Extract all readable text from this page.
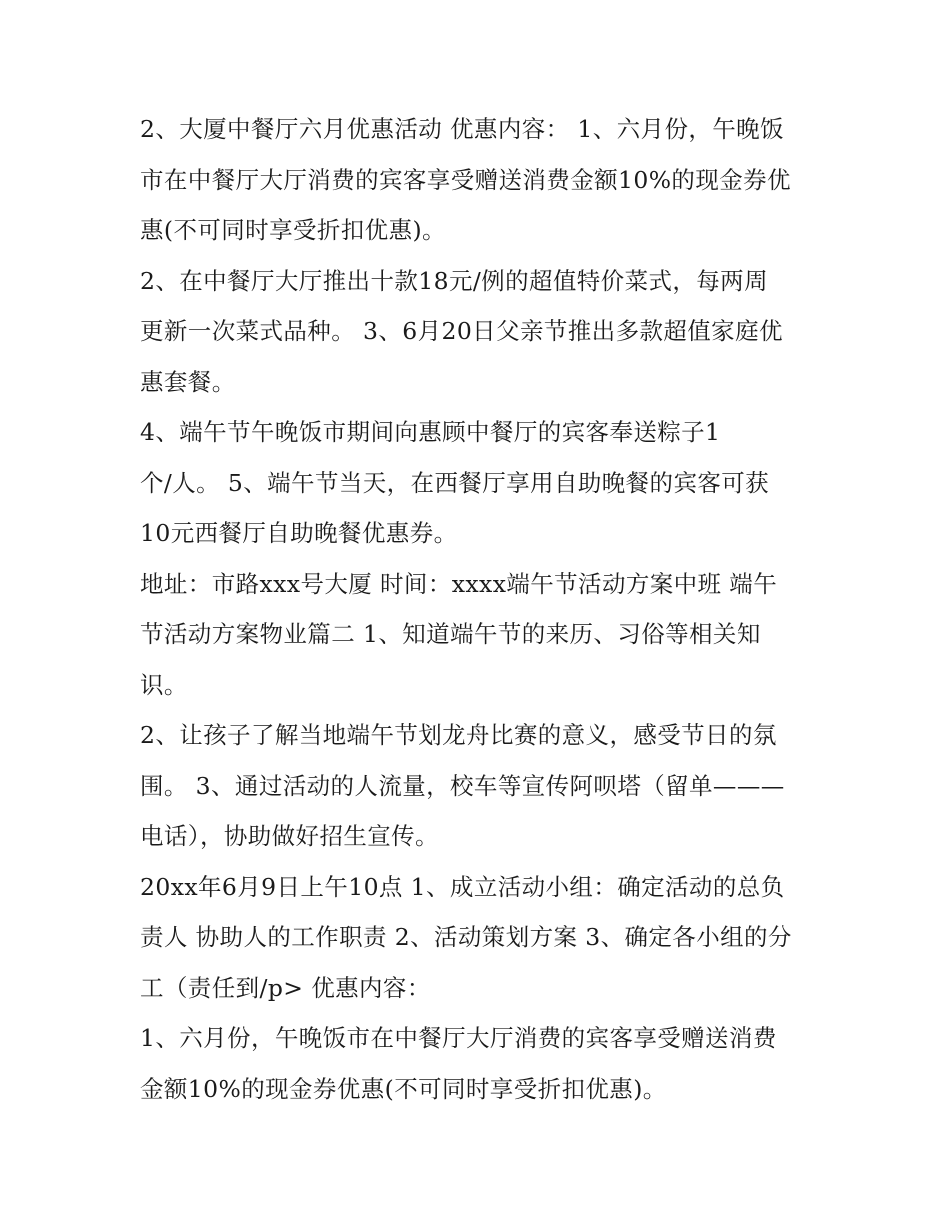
2、大厦中餐厅六月优惠活动 优惠内容： 1、六月份，午晚饭
市在中餐厅大厅消费的宾客享受赠送消费金额10%的现金券优
惠(不可同时享受折扣优惠)。

2、在中餐厅大厅推出十款18元/例的超值特价菜式，每两周
更新一次菜式品种。 3、6月20日父亲节推出多款超值家庭优
惠套餐。

4、端午节午晚饭市期间向惠顾中餐厅的宾客奉送粽子1
个/人。 5、端午节当天，在西餐厅享用自助晚餐的宾客可获
10元西餐厅自助晚餐优惠券。

地址：市路xxx号大厦 时间：xxxx端午节活动方案中班 端午
节活动方案物业篇二 1、知道端午节的来历、习俗等相关知
识。

2、让孩子了解当地端午节划龙舟比赛的意义，感受节日的氛
围。 3、通过活动的人流量，校车等宣传阿呗塔（留单———
电话），协助做好招生宣传。

20xx年6月9日上午10点 1、成立活动小组：确定活动的总负
责人 协助人的工作职责 2、活动策划方案 3、确定各小组的分
工（责任到/p> 优惠内容：

1、六月份，午晚饭市在中餐厅大厅消费的宾客享受赠送消费
金额10%的现金券优惠(不可同时享受折扣优惠)。
